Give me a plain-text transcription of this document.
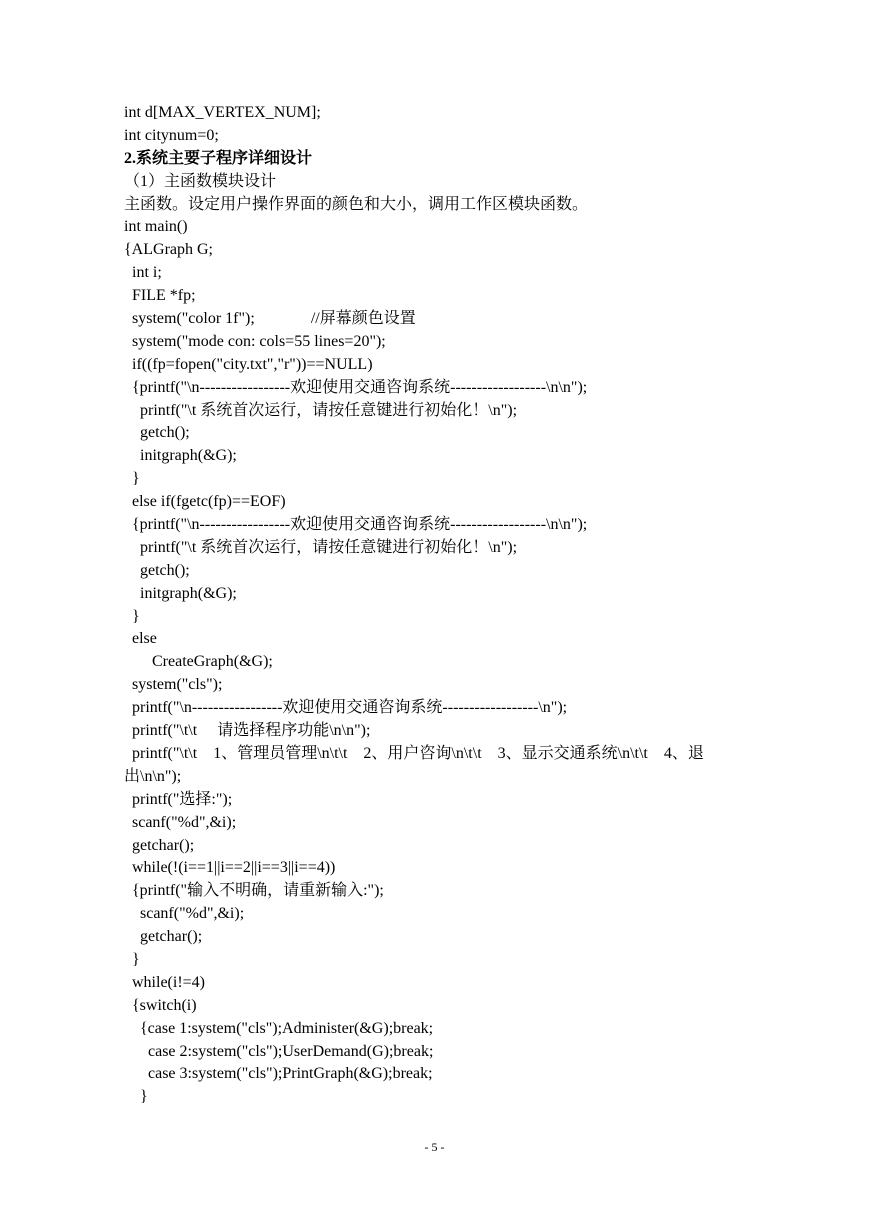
int d[MAX_VERTEX_NUM];
int citynum=0;
2.系统主要子程序详细设计
（1）主函数模块设计
主函数。设定用户操作界面的颜色和大小，调用工作区模块函数。
int main()
{ALGraph G;
int i;
FILE *fp;
system("color 1f");              //屏幕颜色设置
system("mode con: cols=55 lines=20");
if((fp=fopen("city.txt","r"))==NULL)
{printf("\n-----------------欢迎使用交通咨询系统------------------\n\n");
printf("\t 系统首次运行，请按任意键进行初始化！\n");
getch();
initgraph(&G);
}
else if(fgetc(fp)==EOF)
{printf("\n-----------------欢迎使用交通咨询系统------------------\n\n");
printf("\t 系统首次运行，请按任意键进行初始化！\n");
getch();
initgraph(&G);
}
else
CreateGraph(&G);
system("cls");
printf("\n-----------------欢迎使用交通咨询系统------------------\n");
printf("\t\t     请选择程序功能\n\n");
printf("\t\t    1、管理员管理\n\t\t    2、用户咨询\n\t\t    3、显示交通系统\n\t\t    4、退
出\n\n");
printf("选择:");
scanf("%d",&i);
getchar();
while(!(i==1||i==2||i==3||i==4))
{printf("输入不明确，请重新输入:");
scanf("%d",&i);
getchar();
}
while(i!=4)
{switch(i)
{case 1:system("cls");Administer(&G);break;
case 2:system("cls");UserDemand(G);break;
case 3:system("cls");PrintGraph(&G);break;
}
- 5 -
